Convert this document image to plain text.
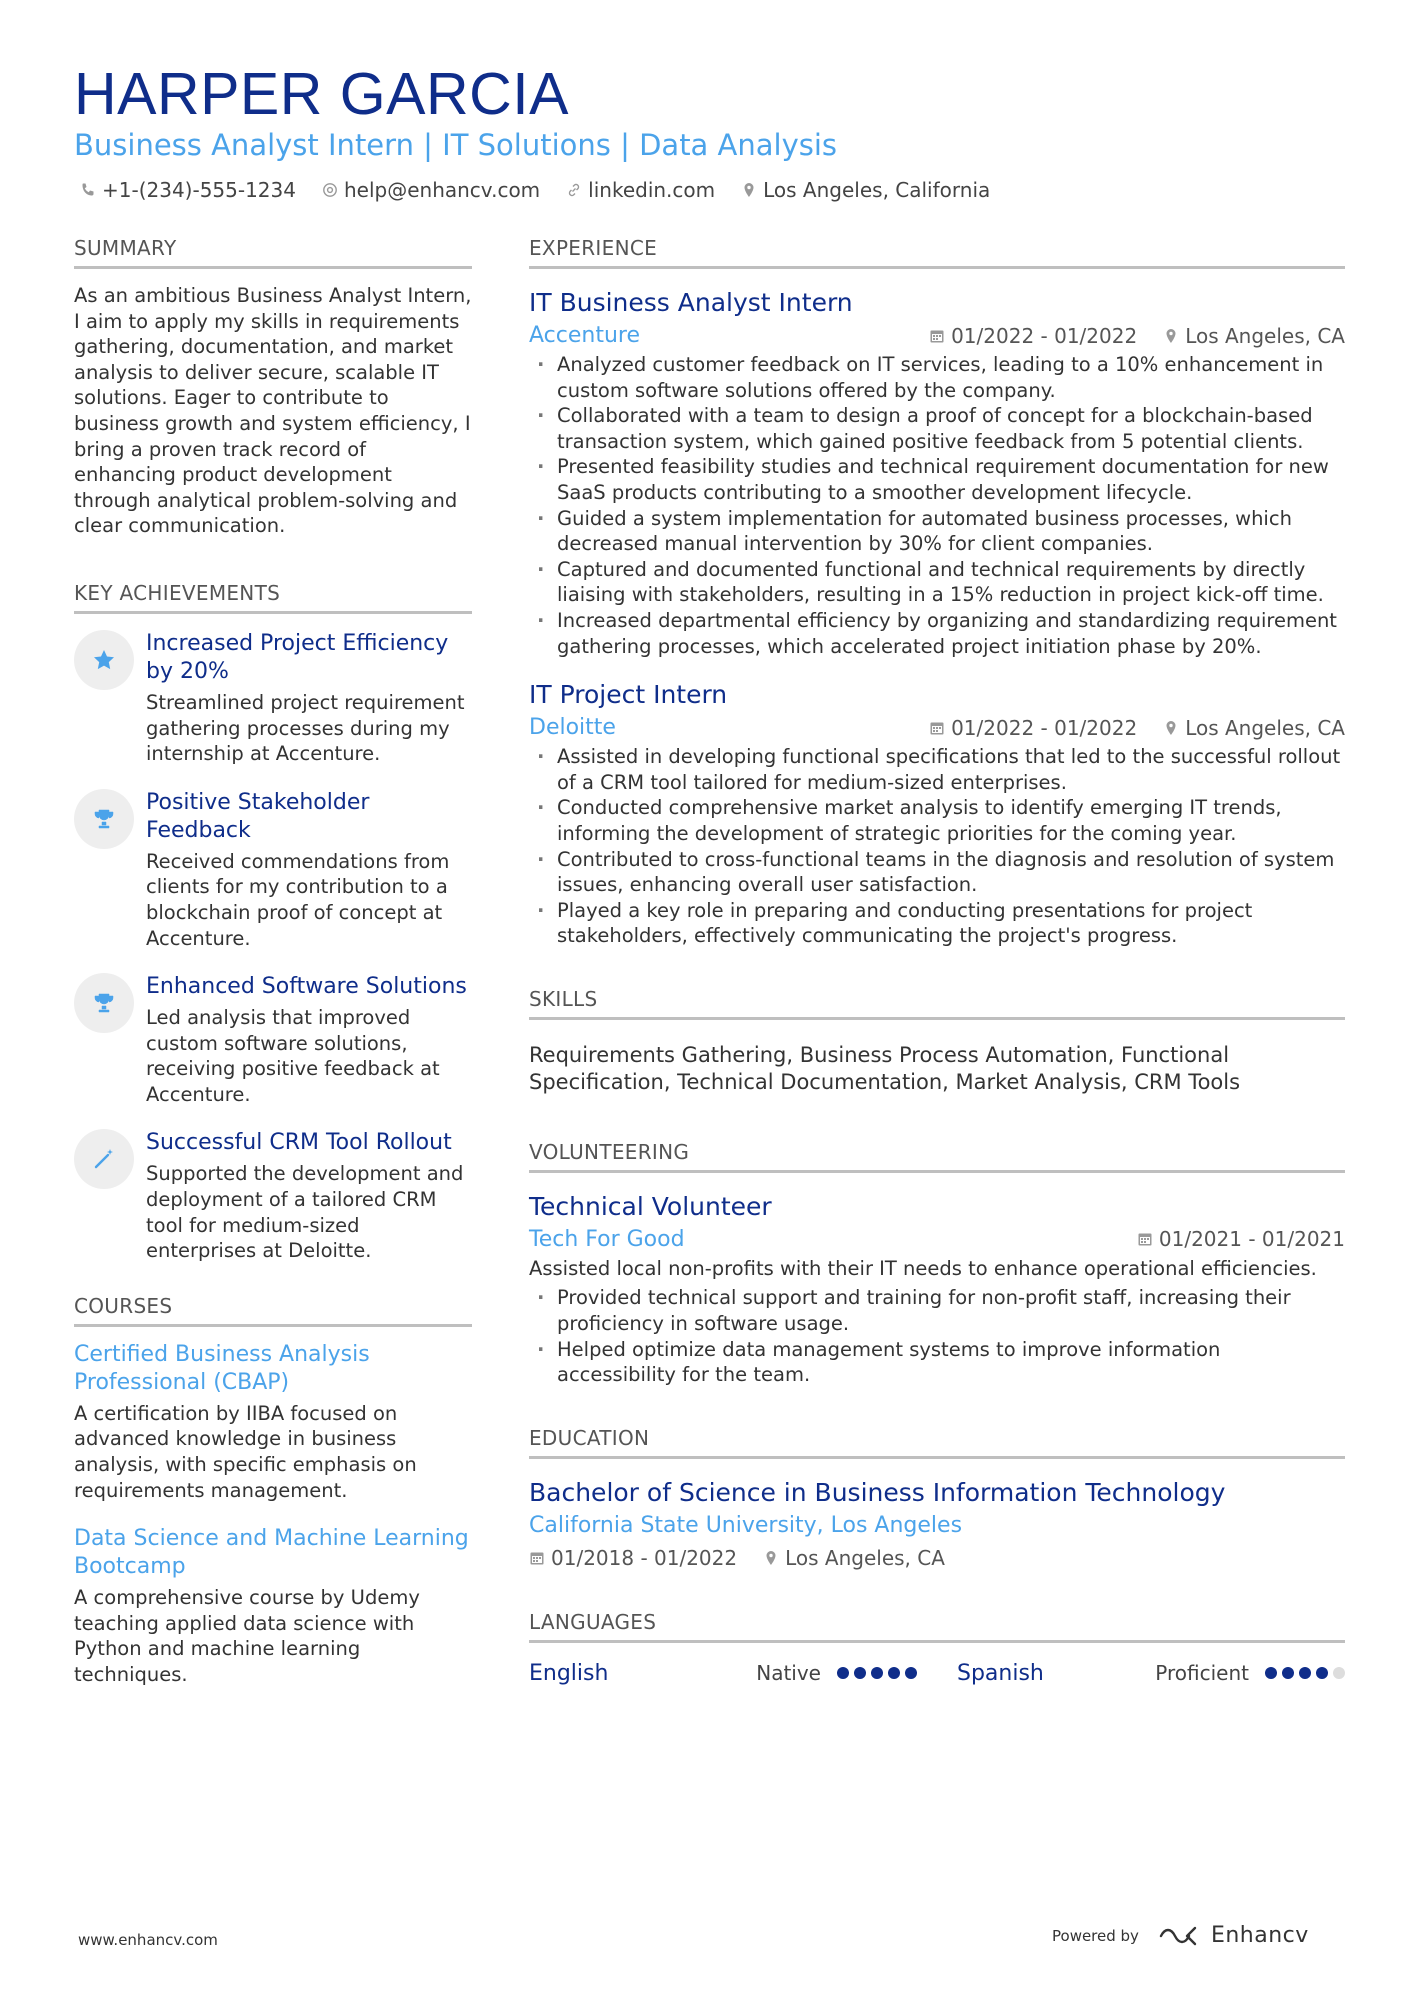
HARPER GARCIA
Business Analyst Intern | IT Solutions | Data Analysis
+1-(234)-555-1234 help@enhancv.com linkedin.com Los Angeles, California
SUMMARY
As an ambitious Business Analyst Intern, I aim to apply my skills in requirements gathering, documentation, and market analysis to deliver secure, scalable IT solutions. Eager to contribute to business growth and system efficiency, I bring a proven track record of enhancing product development through analytical problem-solving and clear communication.
KEY ACHIEVEMENTS
Increased Project Efficiency by 20%
Streamlined project requirement gathering processes during my internship at Accenture.
Positive Stakeholder Feedback
Received commendations from clients for my contribution to a blockchain proof of concept at Accenture.
Enhanced Software Solutions
Led analysis that improved custom software solutions, receiving positive feedback at Accenture.
Successful CRM Tool Rollout
Supported the development and deployment of a tailored CRM tool for medium-sized enterprises at Deloitte.
COURSES
Certified Business Analysis Professional (CBAP)
A certification by IIBA focused on advanced knowledge in business analysis, with specific emphasis on requirements management.
Data Science and Machine Learning Bootcamp
A comprehensive course by Udemy teaching applied data science with Python and machine learning techniques.
EXPERIENCE
IT Business Analyst Intern
Accenture	01/2022 - 01/2022 Los Angeles, CA
· Analyzed customer feedback on IT services, leading to a 10% enhancement in custom software solutions offered by the company.
· Collaborated with a team to design a proof of concept for a blockchain-based transaction system, which gained positive feedback from 5 potential clients.
· Presented feasibility studies and technical requirement documentation for new SaaS products contributing to a smoother development lifecycle.
· Guided a system implementation for automated business processes, which decreased manual intervention by 30% for client companies.
· Captured and documented functional and technical requirements by directly liaising with stakeholders, resulting in a 15% reduction in project kick-off time.
· Increased departmental efficiency by organizing and standardizing requirement gathering processes, which accelerated project initiation phase by 20%.
IT Project Intern
Deloitte	01/2022 - 01/2022 Los Angeles, CA
· Assisted in developing functional specifications that led to the successful rollout of a CRM tool tailored for medium-sized enterprises.
· Conducted comprehensive market analysis to identify emerging IT trends, informing the development of strategic priorities for the coming year.
· Contributed to cross-functional teams in the diagnosis and resolution of system issues, enhancing overall user satisfaction.
· Played a key role in preparing and conducting presentations for project stakeholders, effectively communicating the project's progress.
SKILLS
Requirements Gathering, Business Process Automation, Functional Specification, Technical Documentation, Market Analysis, CRM Tools
VOLUNTEERING
Technical Volunteer
Tech For Good	01/2021 - 01/2021
Assisted local non-profits with their IT needs to enhance operational efficiencies.
· Provided technical support and training for non-profit staff, increasing their proficiency in software usage.
· Helped optimize data management systems to improve information accessibility for the team.
EDUCATION
Bachelor of Science in Business Information Technology
California State University, Los Angeles
01/2018 - 01/2022 Los Angeles, CA
LANGUAGES
English	Native	Spanish	Proficient
www.enhancv.com	Powered by	Enhancv
